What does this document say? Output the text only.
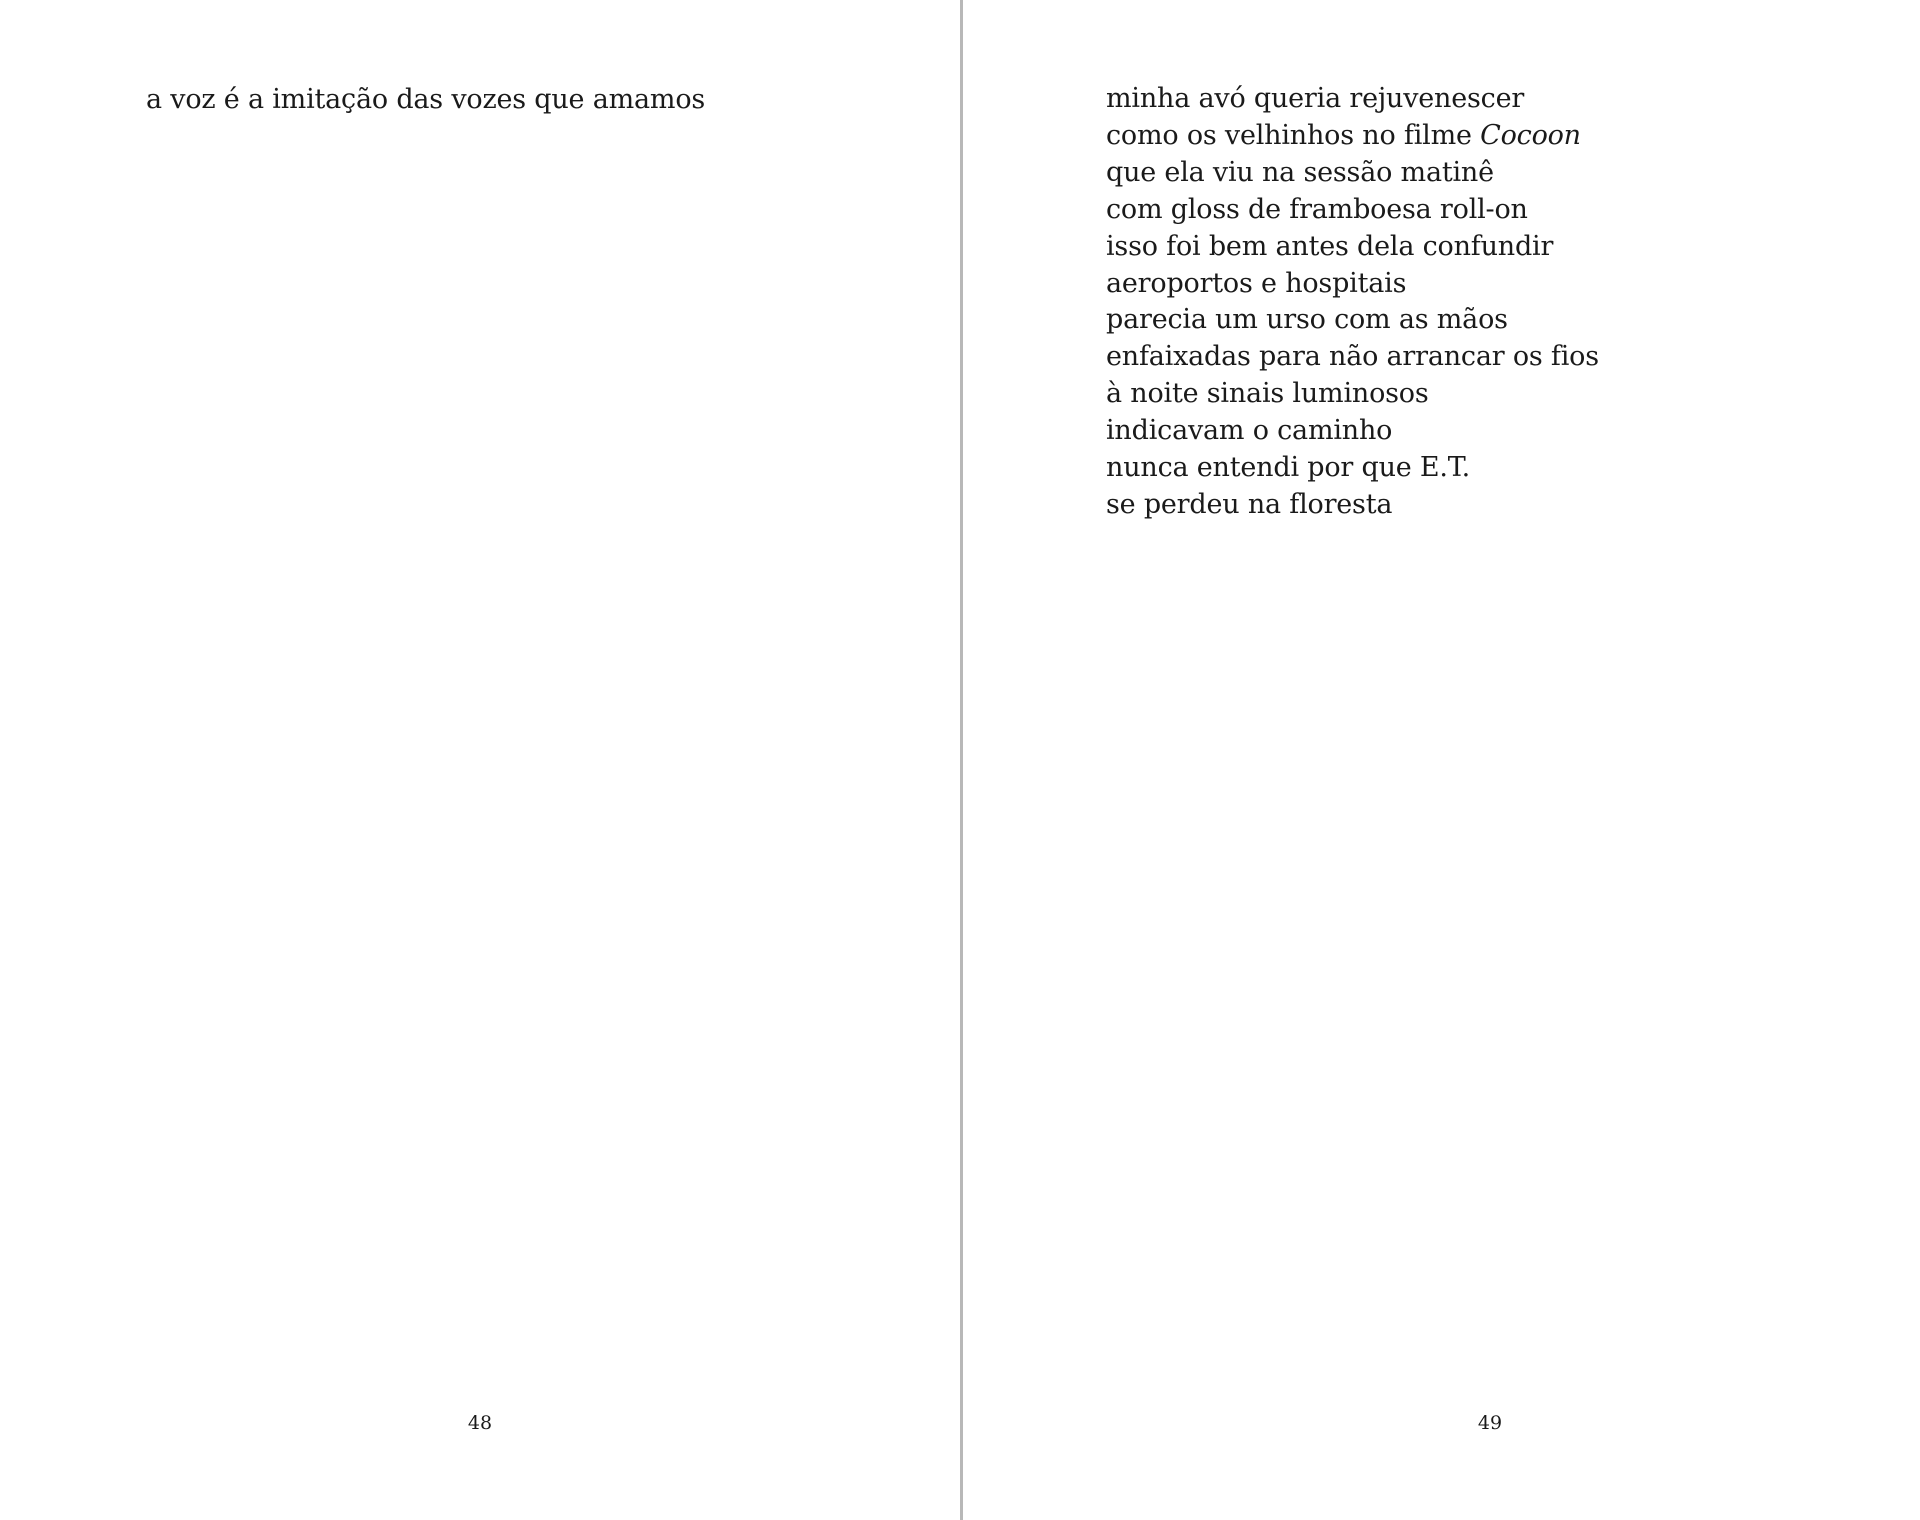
a voz é a imitação das vozes que amamos

48
minha avó queria rejuvenescer
como os velhinhos no filme Cocoon
que ela viu na sessão matinê
com gloss de framboesa roll-on
isso foi bem antes dela confundir
aeroportos e hospitais
parecia um urso com as mãos
enfaixadas para não arrancar os fios
à noite sinais luminosos
indicavam o caminho
nunca entendi por que E.T.
se perdeu na floresta
49
